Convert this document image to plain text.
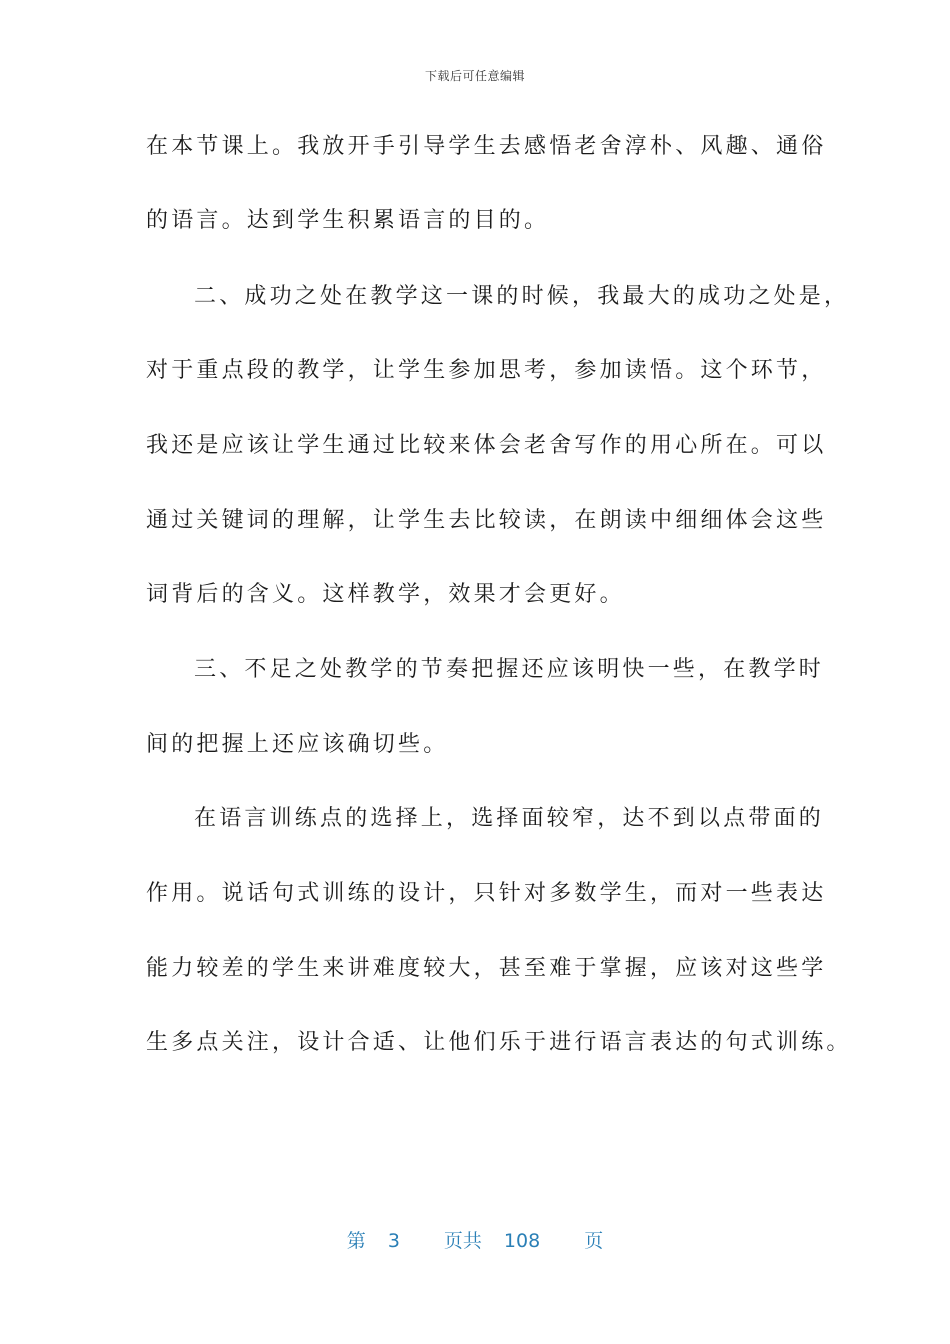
下载后可任意编辑
在本节课上。我放开手引导学生去感悟老舍淳朴、风趣、通俗
的语言。达到学生积累语言的目的。
二、成功之处在教学这一课的时候，我最大的成功之处是，
对于重点段的教学，让学生参加思考，参加读悟。这个环节，
我还是应该让学生通过比较来体会老舍写作的用心所在。可以
通过关键词的理解，让学生去比较读，在朗读中细细体会这些
词背后的含义。这样教学，效果才会更好。
三、不足之处教学的节奏把握还应该明快一些，在教学时
间的把握上还应该确切些。
在语言训练点的选择上，选择面较窄，达不到以点带面的
作用。说话句式训练的设计，只针对多数学生，而对一些表达
能力较差的学生来讲难度较大，甚至难于掌握，应该对这些学
生多点关注，设计合适、让他们乐于进行语言表达的句式训练。
第 3 页共 108 页
